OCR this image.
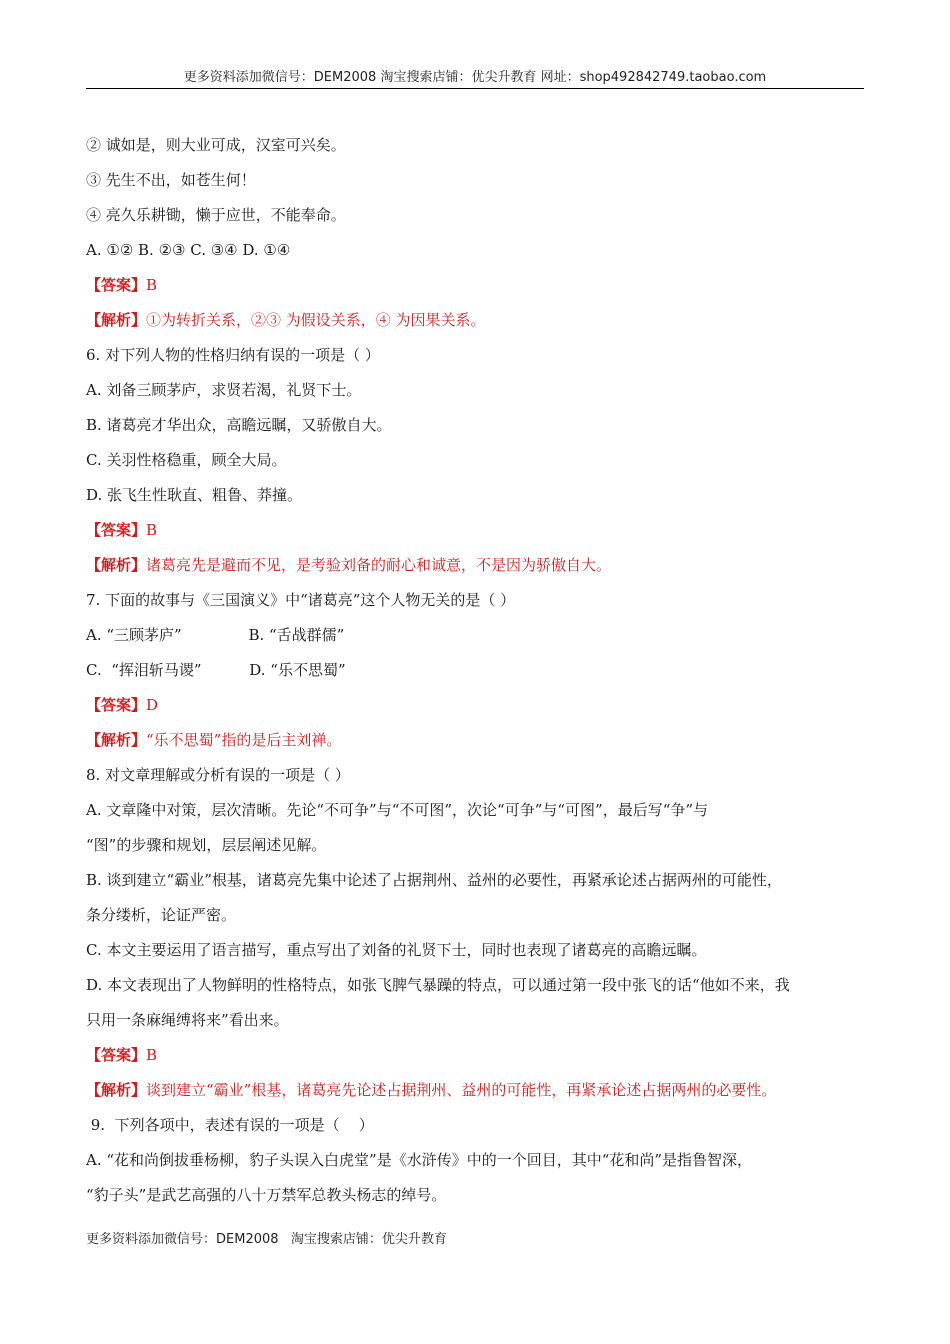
更多资料添加微信号：DEM2008 淘宝搜索店铺：优尖升教育 网址：shop492842749.taobao.com
② 诚如是，则大业可成，汉室可兴矣。
③ 先生不出，如苍生何！
④ 亮久乐耕锄，懒于应世，不能奉命。
A. ①② B. ②③ C. ③④ D. ①④
【答案】B
【解析】①为转折关系，②③ 为假设关系，④ 为因果关系。
6. 对下列人物的性格归纳有误的一项是（ ）
A. 刘备三顾茅庐，求贤若渴，礼贤下士。
B. 诸葛亮才华出众，高瞻远瞩，又骄傲自大。
C. 关羽性格稳重，顾全大局。
D. 张飞生性耿直、粗鲁、莽撞。
【答案】B
【解析】诸葛亮先是避而不见，是考验刘备的耐心和诚意，不是因为骄傲自大。
7. 下面的故事与《三国演义》中“诸葛亮”这个人物无关的是（ ）
A. “三顾茅庐”              B. “舌战群儒”
C.  “挥泪斩马谡”          D. “乐不思蜀”
【答案】D
【解析】“乐不思蜀”指的是后主刘禅。
8. 对文章理解或分析有误的一项是（ ）
A. 文章隆中对策，层次清晰。先论“不可争”与“不可图”，次论“可争”与“可图”，最后写“争”与
“图”的步骤和规划，层层阐述见解。
B. 谈到建立“霸业”根基，诸葛亮先集中论述了占据荆州、益州的必要性，再紧承论述占据两州的可能性，
条分缕析，论证严密。
C. 本文主要运用了语言描写，重点写出了刘备的礼贤下士，同时也表现了诸葛亮的高瞻远瞩。
D. 本文表现出了人物鲜明的性格特点，如张飞脾气暴躁的特点，可以通过第一段中张飞的话“他如不来，我
只用一条麻绳缚将来”看出来。
【答案】B
【解析】谈到建立“霸业”根基，诸葛亮先论述占据荆州、益州的可能性，再紧承论述占据两州的必要性。
9.  下列各项中，表述有误的一项是（    ）
A. “花和尚倒拔垂杨柳，豹子头误入白虎堂”是《水浒传》中的一个回目，其中“花和尚”是指鲁智深，
“豹子头”是武艺高强的八十万禁军总教头杨志的绰号。
更多资料添加微信号：DEM2008   淘宝搜索店铺：优尖升教育
